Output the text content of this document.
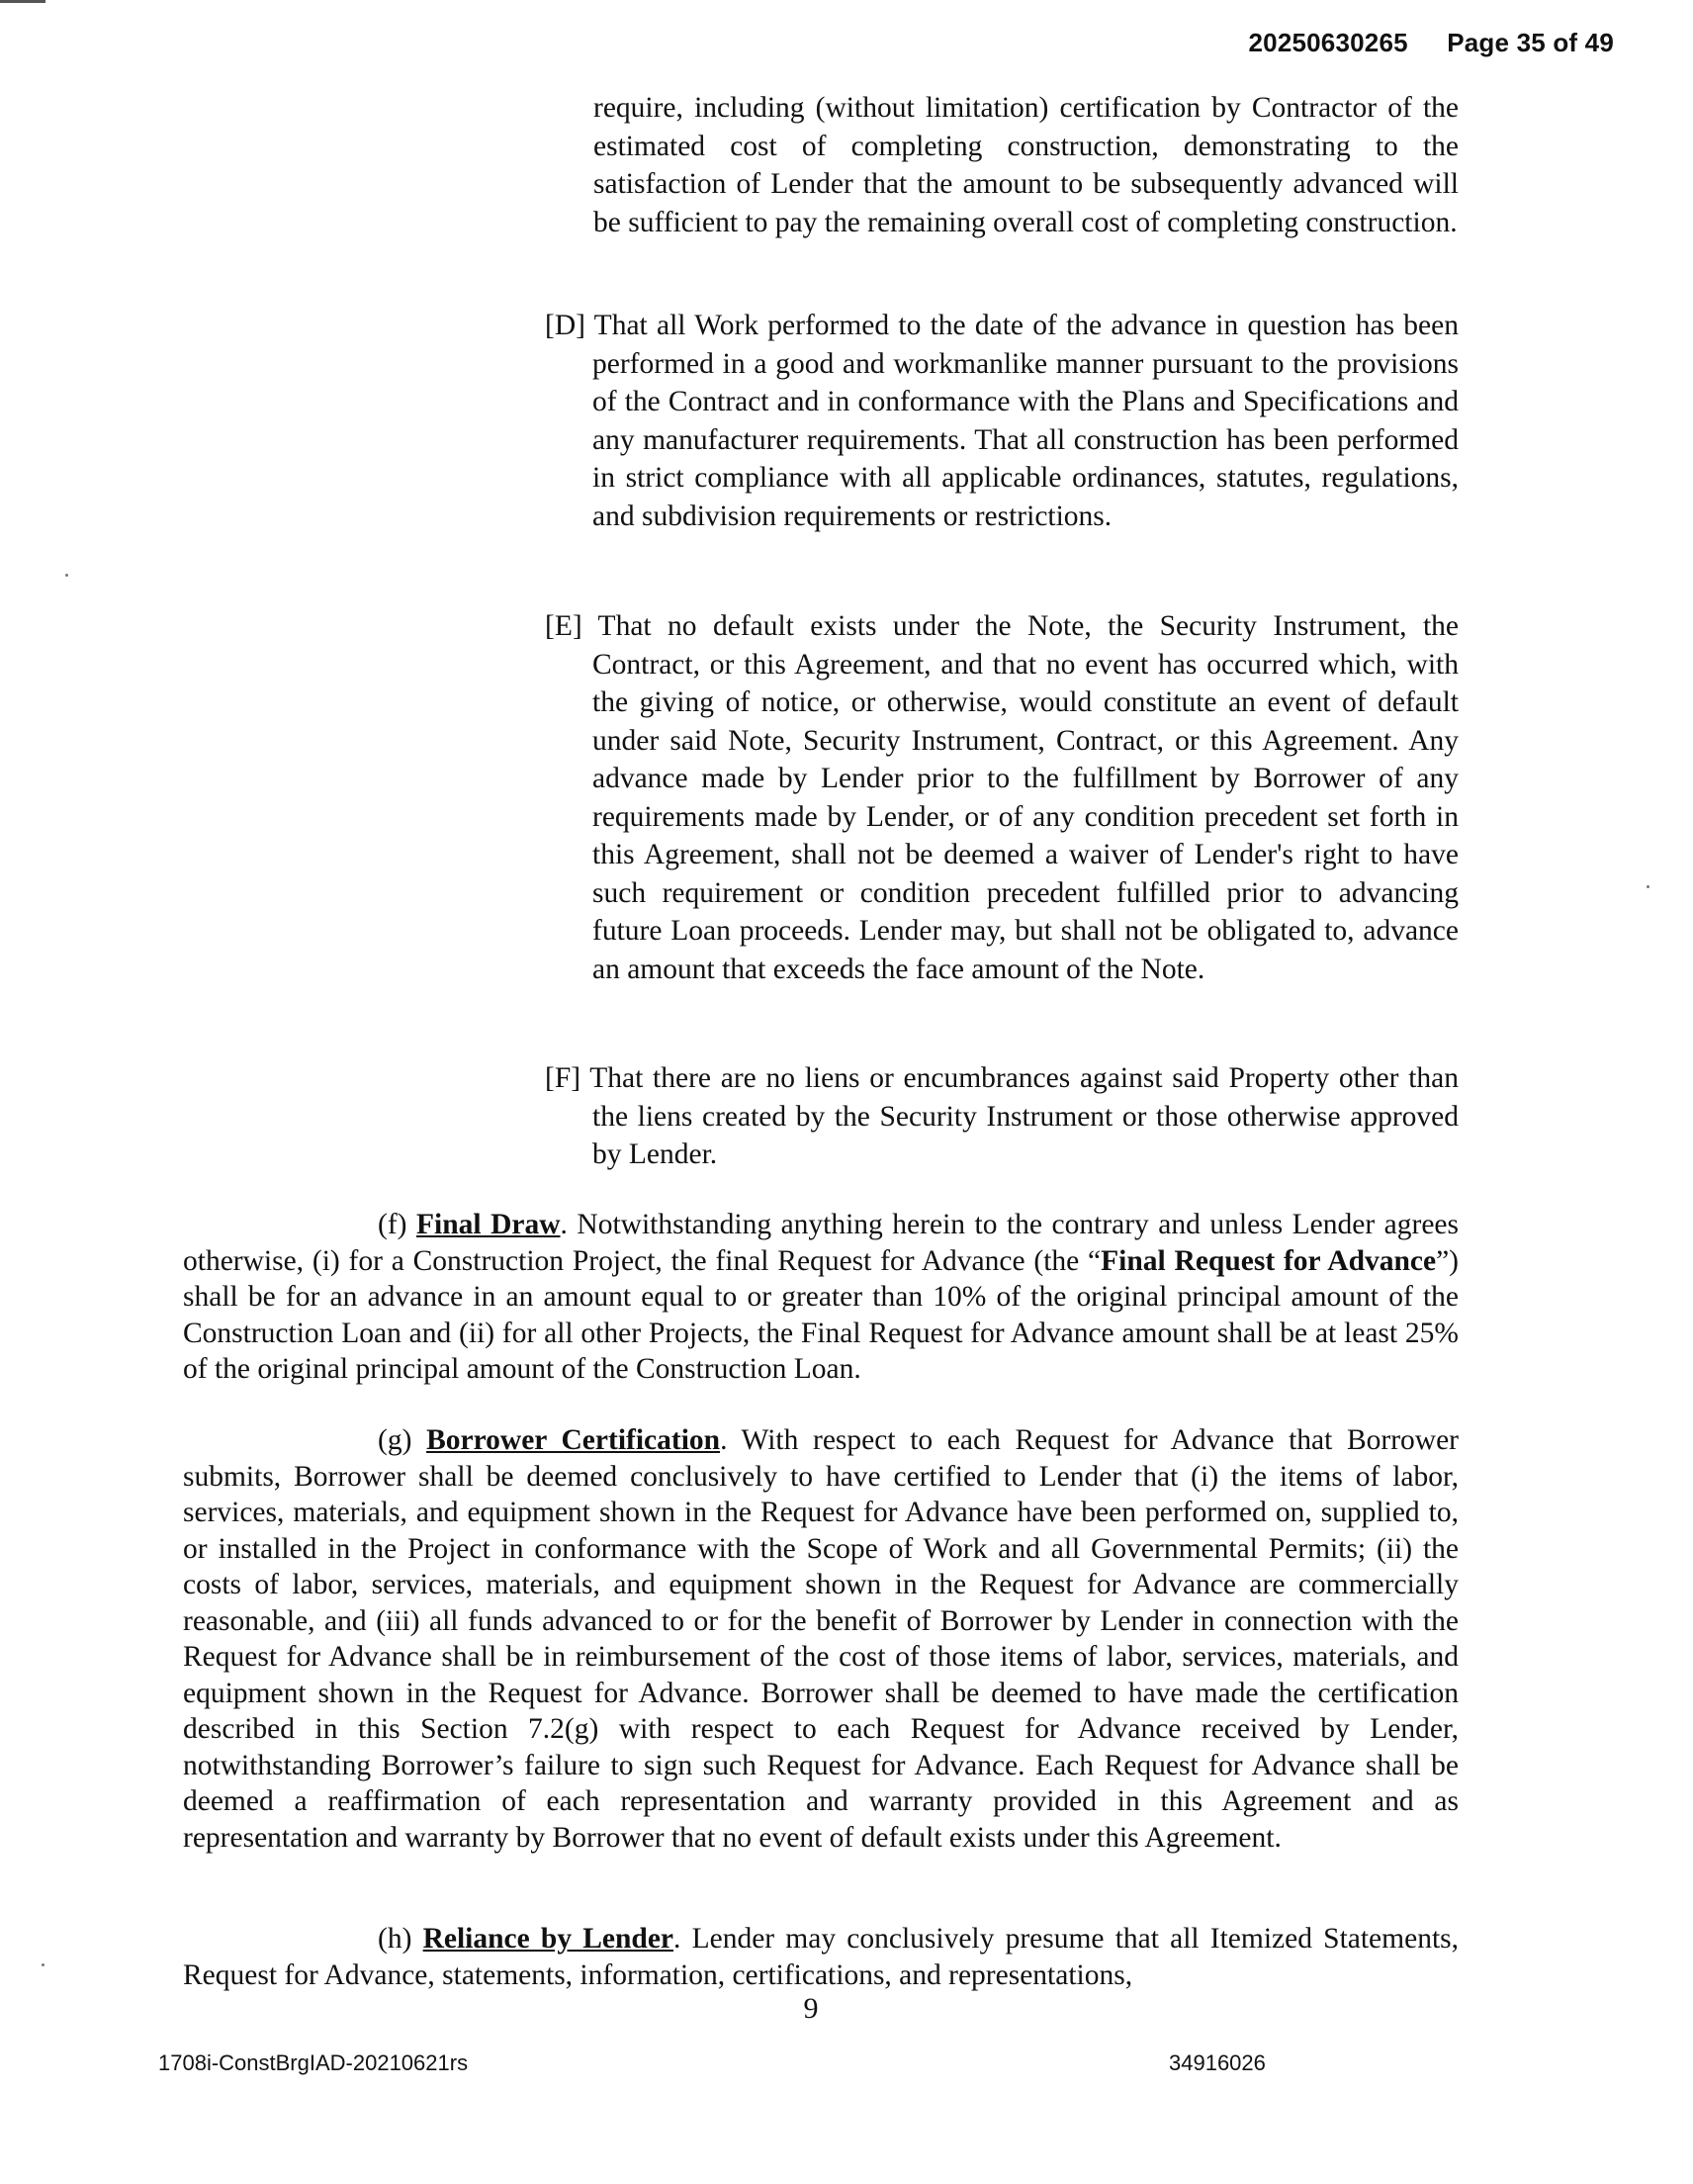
20250630265 Page 35 of 49
require, including (without limitation) certification by Contractor of the estimated cost of completing construction, demonstrating to the satisfaction of Lender that the amount to be subsequently advanced will be sufficient to pay the remaining overall cost of completing construction.
[D] That all Work performed to the date of the advance in question has been performed in a good and workmanlike manner pursuant to the provisions of the Contract and in conformance with the Plans and Specifications and any manufacturer requirements. That all construction has been performed in strict compliance with all applicable ordinances, statutes, regulations, and subdivision requirements or restrictions.
[E] That no default exists under the Note, the Security Instrument, the Contract, or this Agreement, and that no event has occurred which, with the giving of notice, or otherwise, would constitute an event of default under said Note, Security Instrument, Contract, or this Agreement. Any advance made by Lender prior to the fulfillment by Borrower of any requirements made by Lender, or of any condition precedent set forth in this Agreement, shall not be deemed a waiver of Lender's right to have such requirement or condition precedent fulfilled prior to advancing future Loan proceeds. Lender may, but shall not be obligated to, advance an amount that exceeds the face amount of the Note.
[F] That there are no liens or encumbrances against said Property other than the liens created by the Security Instrument or those otherwise approved by Lender.
(f) Final Draw. Notwithstanding anything herein to the contrary and unless Lender agrees otherwise, (i) for a Construction Project, the final Request for Advance (the “Final Request for Advance”) shall be for an advance in an amount equal to or greater than 10% of the original principal amount of the Construction Loan and (ii) for all other Projects, the Final Request for Advance amount shall be at least 25% of the original principal amount of the Construction Loan.
(g) Borrower Certification. With respect to each Request for Advance that Borrower submits, Borrower shall be deemed conclusively to have certified to Lender that (i) the items of labor, services, materials, and equipment shown in the Request for Advance have been performed on, supplied to, or installed in the Project in conformance with the Scope of Work and all Governmental Permits; (ii) the costs of labor, services, materials, and equipment shown in the Request for Advance are commercially reasonable, and (iii) all funds advanced to or for the benefit of Borrower by Lender in connection with the Request for Advance shall be in reimbursement of the cost of those items of labor, services, materials, and equipment shown in the Request for Advance. Borrower shall be deemed to have made the certification described in this Section 7.2(g) with respect to each Request for Advance received by Lender, notwithstanding Borrower’s failure to sign such Request for Advance. Each Request for Advance shall be deemed a reaffirmation of each representation and warranty provided in this Agreement and as representation and warranty by Borrower that no event of default exists under this Agreement.
(h) Reliance by Lender. Lender may conclusively presume that all Itemized Statements, Request for Advance, statements, information, certifications, and representations,
9
1708i-ConstBrgIAD-20210621rs	34916026
